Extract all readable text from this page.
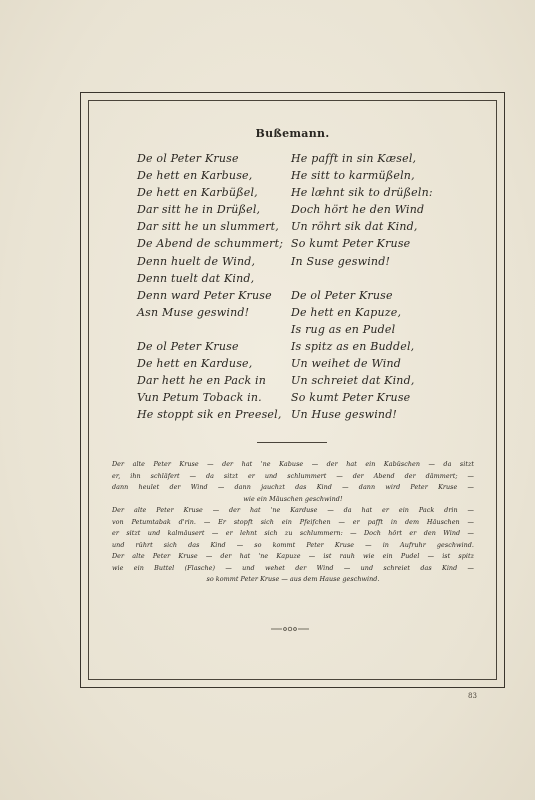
Bußemann.
De ol Peter Kruse
De hett en Karbuse,
De hett en Karbüßel,
Dar sitt he in Drüßel,
Dar sitt he un slummert,
De Abend de schummert;
Denn huelt de Wind,
Denn tuelt dat Kind,
Denn ward Peter Kruse
Asn Muse geswind!
De ol Peter Kruse
De hett en Karduse,
Dar hett he en Pack in
Vun Petum Toback in.
He stoppt sik en Preesel,
He pafft in sin Kæsel,
He sitt to karmüßeln,
He læhnt sik to drüßeln:
Doch hört he den Wind
Un röhrt sik dat Kind,
So kumt Peter Kruse
In Suse geswind!
De ol Peter Kruse
De hett en Kapuze,
Is rug as en Pudel
Is spitz as en Buddel,
Un weihet de Wind
Un schreiet dat Kind,
So kumt Peter Kruse
Un Huse geswind!
Der alte Peter Kruse — der hat 'ne Kabuse — der hat ein Kabüschen — da sitzt
er, ihn schläfert — da sitzt er und schlummert — der Abend der dämmert; —
dann heulet der Wind — dann jauchzt das Kind — dann wird Peter Kruse —
wie ein Mäuschen geschwind!
Der alte Peter Kruse — der hat 'ne Karduse — da hat er ein Pack drin —
von Petumtabak d'rin. — Er stopft sich ein Pfeifchen — er pafft in dem Häuschen —
er sitzt und kalmäusert — er lehnt sich zu schlummern: — Doch hört er den Wind —
und rührt sich das Kind — so kommt Peter Kruse — in Aufruhr geschwind.
Der alte Peter Kruse — der hat 'ne Kapuze — ist rauh wie ein Pudel — ist spitz
wie ein Buttel (Flasche) — und wehet der Wind — und schreiet das Kind —
so kommt Peter Kruse — aus dem Hause geschwind.
83
